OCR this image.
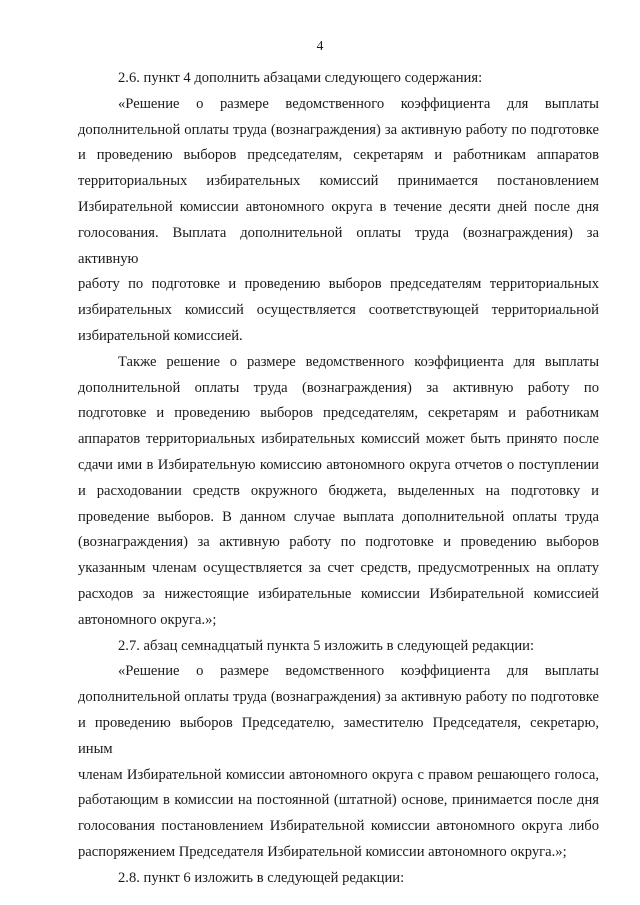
4
2.6. пункт 4 дополнить абзацами следующего содержания:
«Решение о размере ведомственного коэффициента для выплаты
дополнительной оплаты труда (вознаграждения) за активную работу по подготовке
и проведению выборов председателям, секретарям и работникам аппаратов
территориальных избирательных комиссий принимается постановлением
Избирательной комиссии автономного округа в течение десяти дней после дня
голосования. Выплата дополнительной оплаты труда (вознаграждения) за активную
работу по подготовке и проведению выборов председателям территориальных
избирательных комиссий осуществляется соответствующей территориальной
избирательной комиссией.
Также решение о размере ведомственного коэффициента для выплаты
дополнительной оплаты труда (вознаграждения) за активную работу по
подготовке и проведению выборов председателям, секретарям и работникам
аппаратов территориальных избирательных комиссий может быть принято после
сдачи ими в Избирательную комиссию автономного округа отчетов о поступлении
и расходовании средств окружного бюджета, выделенных на подготовку и
проведение выборов. В данном случае выплата дополнительной оплаты труда
(вознаграждения) за активную работу по подготовке и проведению выборов
указанным членам осуществляется за счет средств, предусмотренных на оплату
расходов за нижестоящие избирательные комиссии Избирательной комиссией
автономного округа.»;
2.7. абзац семнадцатый пункта 5 изложить в следующей редакции:
«Решение о размере ведомственного коэффициента для выплаты
дополнительной оплаты труда (вознаграждения) за активную работу по подготовке
и проведению выборов Председателю, заместителю Председателя, секретарю, иным
членам Избирательной комиссии автономного округа с правом решающего голоса,
работающим в комиссии на постоянной (штатной) основе, принимается после дня
голосования постановлением Избирательной комиссии автономного округа либо
распоряжением Председателя Избирательной комиссии автономного округа.»;
2.8. пункт 6 изложить в следующей редакции:
